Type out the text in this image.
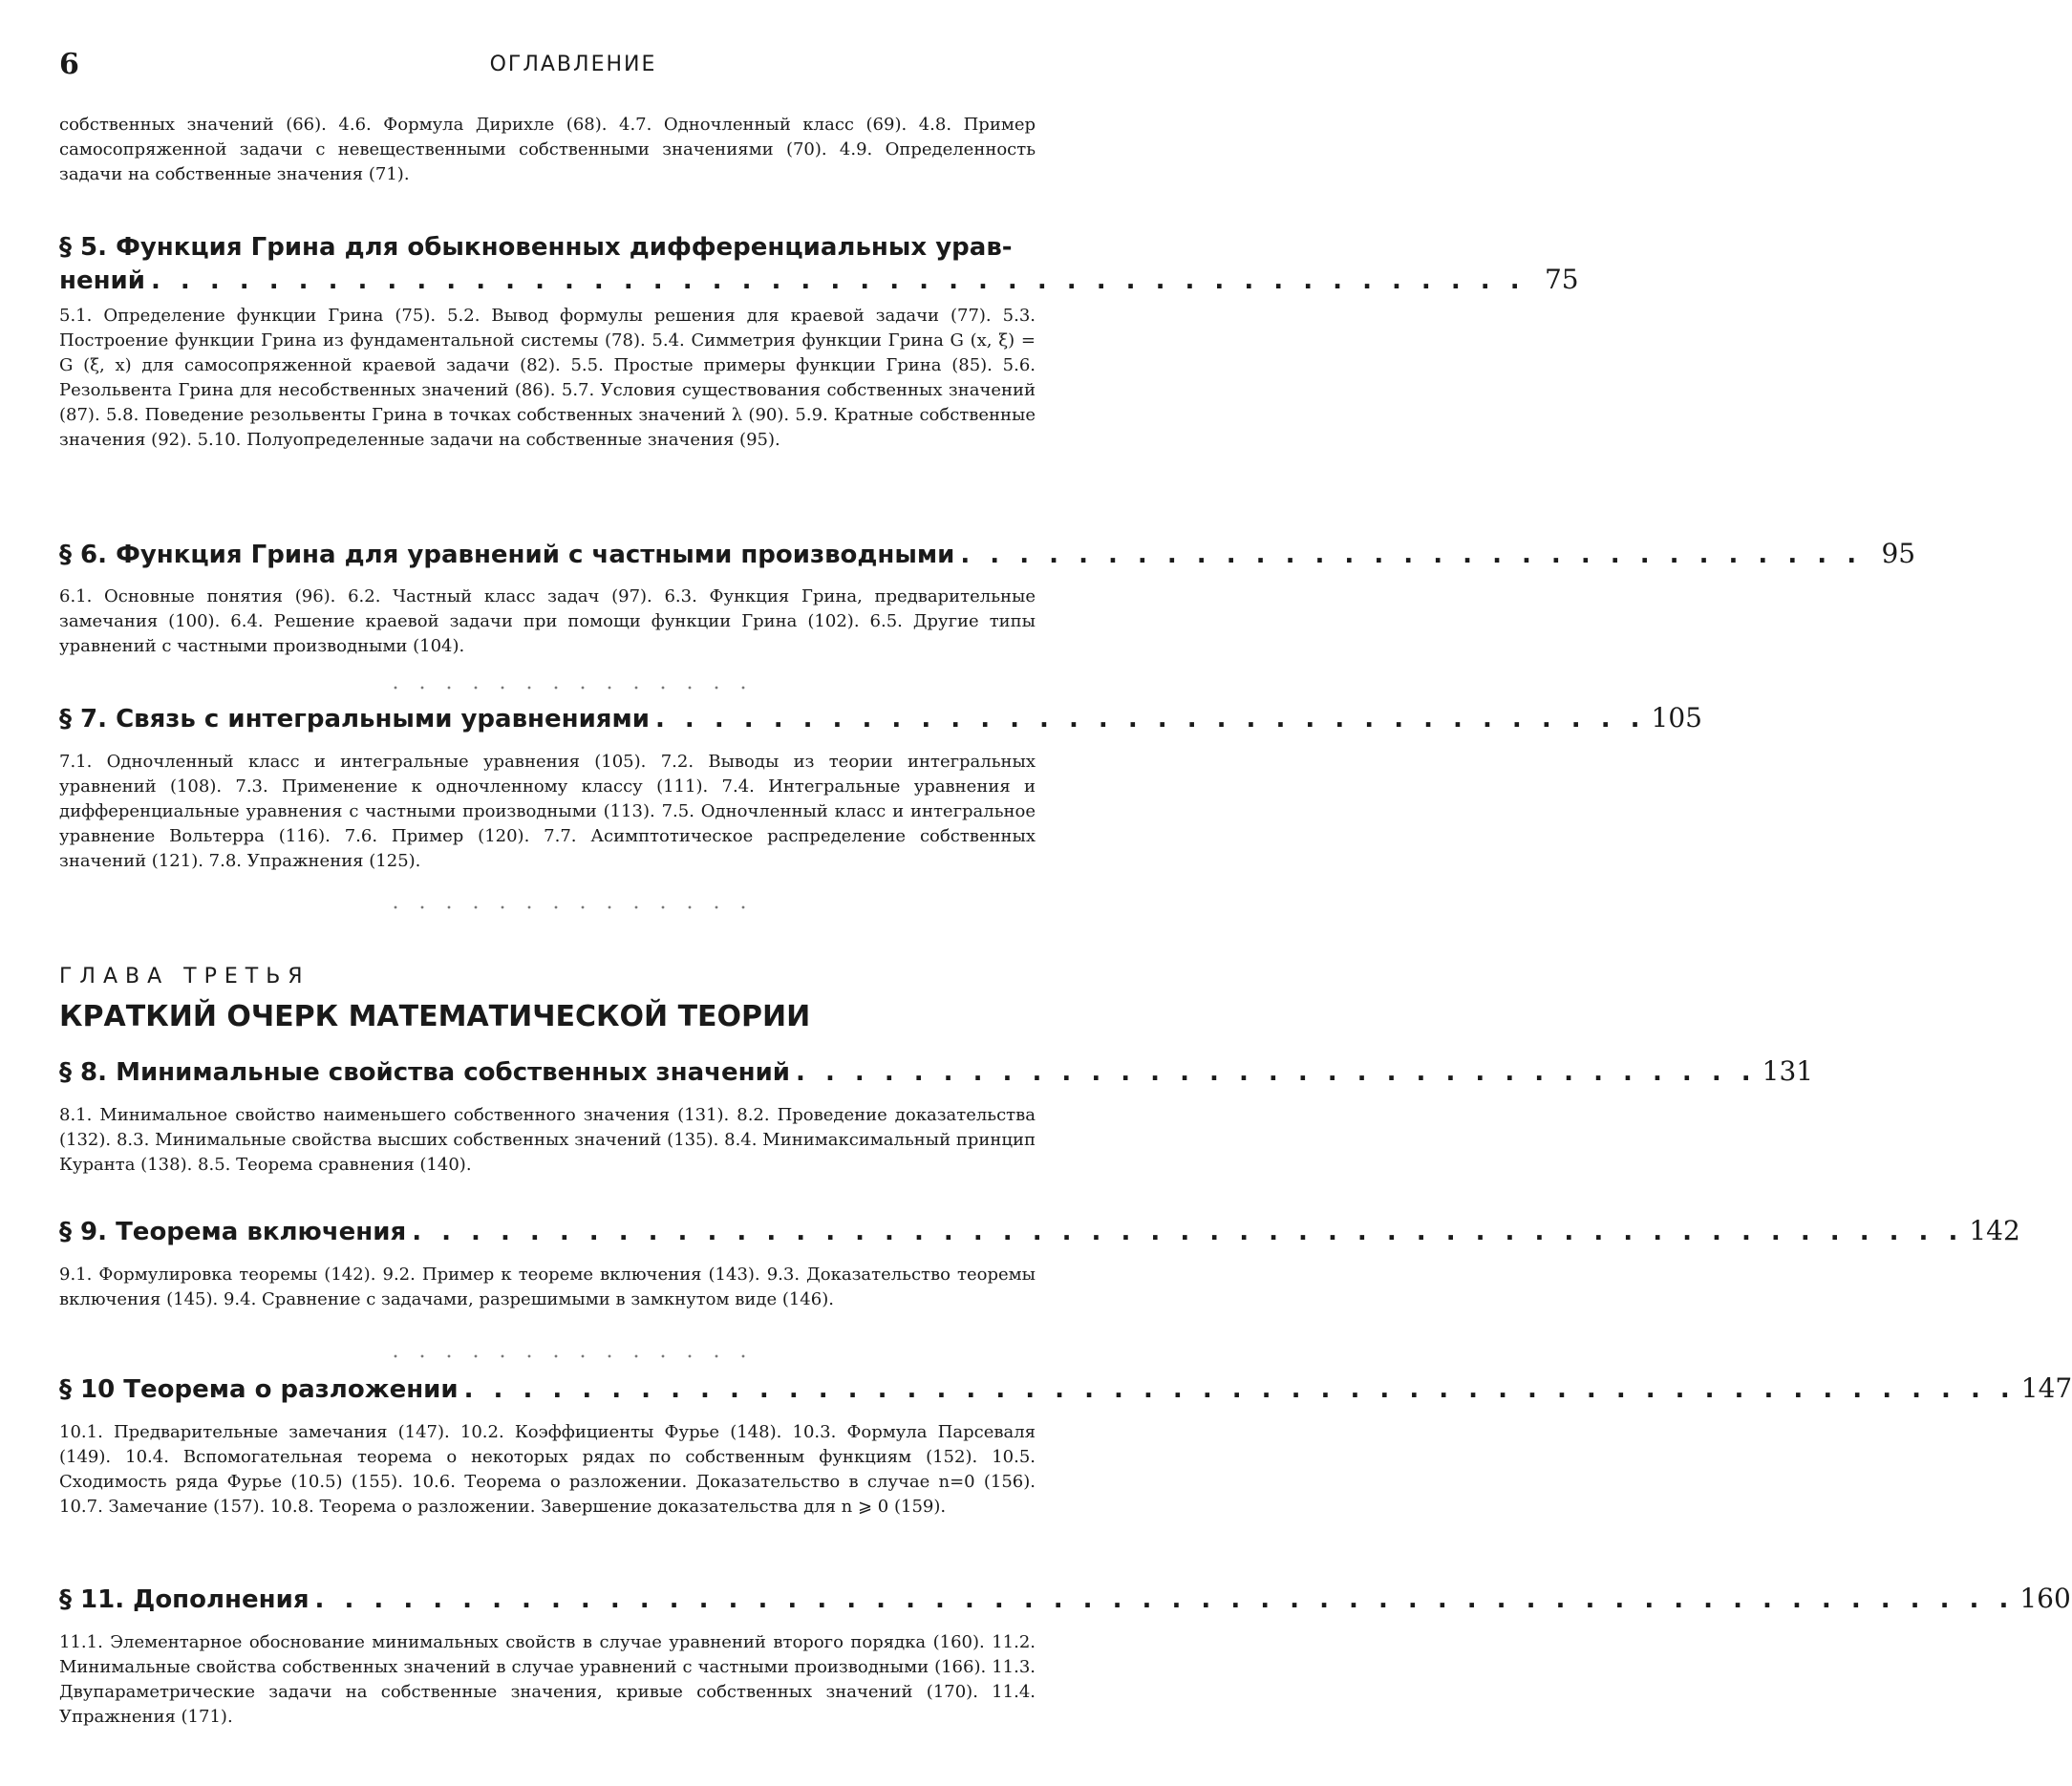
6	ОГЛАВЛЕНИЕ
собственных значений (66). 4.6. Формула Дирихле (68). 4.7. Одночленный класс (69). 4.8. Пример самосопряженной задачи с невещественными собственными значениями (70). 4.9. Определенность задачи на собственные значения (71).
§ 5. Функция Грина для обыкновенных дифференциальных урав-
нений . . . . . . . . . . . . . . . . . . . . . . . . . . . . . . . . . . . . . . . . . . . . . . . 75
5.1. Определение функции Грина (75). 5.2. Вывод формулы решения для краевой задачи (77). 5.3. Построение функции Грина из фундаментальной системы (78). 5.4. Симметрия функции Грина G (x, ξ) = G (ξ, x) для самосопряженной краевой задачи (82). 5.5. Простые примеры функции Грина (85). 5.6. Резольвента Грина для несобственных значений (86). 5.7. Условия существования собственных значений (87). 5.8. Поведение резольвенты Грина в точках собственных значений λ (90). 5.9. Кратные собственные значения (92). 5.10. Полуопределенные задачи на собственные значения (95).
§ 6. Функция Грина для уравнений с частными производными . . . . . . . . . . . . . . . . . . . . . . . . . . . . . . . 95
6.1. Основные понятия (96). 6.2. Частный класс задач (97). 6.3. Функция Грина, предварительные замечания (100). 6.4. Решение краевой задачи при помощи функции Грина (102). 6.5. Другие типы уравнений с частными производными (104).
§ 7. Связь с интегральными уравнениями . . . . . . . . . . . . . . . . . . . . . . . . . . . . . . . . . . 105
7.1. Одночленный класс и интегральные уравнения (105). 7.2. Выводы из теории интегральных уравнений (108). 7.3. Применение к одночленному классу (111). 7.4. Интегральные уравнения и дифференциальные уравнения с частными производными (113). 7.5. Одночленный класс и интегральное уравнение Вольтерра (116). 7.6. Пример (120). 7.7. Асимптотическое распределение собственных значений (121). 7.8. Упражнения (125).
ГЛАВА ТРЕТЬЯ
КРАТКИЙ ОЧЕРК МАТЕМАТИЧЕСКОЙ ТЕОРИИ
§ 8. Минимальные свойства собственных значений . . . . . . . . . . . . . . . . . . . . . . . . . . . . . . . . . 131
8.1. Минимальное свойство наименьшего собственного значения (131). 8.2. Проведение доказательства (132). 8.3. Минимальные свойства высших собственных значений (135). 8.4. Минимаксимальный принцип Куранта (138). 8.5. Теорема сравнения (140).
§ 9. Теорема включения . . . . . . . . . . . . . . . . . . . . . . . . . . . . . . . . . . . . . . . . . . . . . . . . . . . . . 142
9.1. Формулировка теоремы (142). 9.2. Пример к теореме включения (143). 9.3. Доказательство теоремы включения (145). 9.4. Сравнение с задачами, разрешимыми в замкнутом виде (146).
§ 10 Теорема о разложении . . . . . . . . . . . . . . . . . . . . . . . . . . . . . . . . . . . . . . . . . . . . . . . . . . . . . 147
10.1. Предварительные замечания (147). 10.2. Коэффициенты Фурье (148). 10.3. Формула Парсеваля (149). 10.4. Вспомогательная теорема о некоторых рядах по собственным функциям (152). 10.5. Сходимость ряда Фурье (10.5) (155). 10.6. Теорема о разложении. Доказательство в случае n=0 (156). 10.7. Замечание (157). 10.8. Теорема о разложении. Завершение доказательства для n ⩾ 0 (159).
§ 11. Дополнения . . . . . . . . . . . . . . . . . . . . . . . . . . . . . . . . . . . . . . . . . . . . . . . . . . . . . . . . . . 160
11.1. Элементарное обоснование минимальных свойств в случае уравнений второго порядка (160). 11.2. Минимальные свойства собственных значений в случае уравнений с частными производными (166). 11.3. Двупараметрические задачи на собственные значения, кривые собственных значений (170). 11.4. Упражнения (171).
